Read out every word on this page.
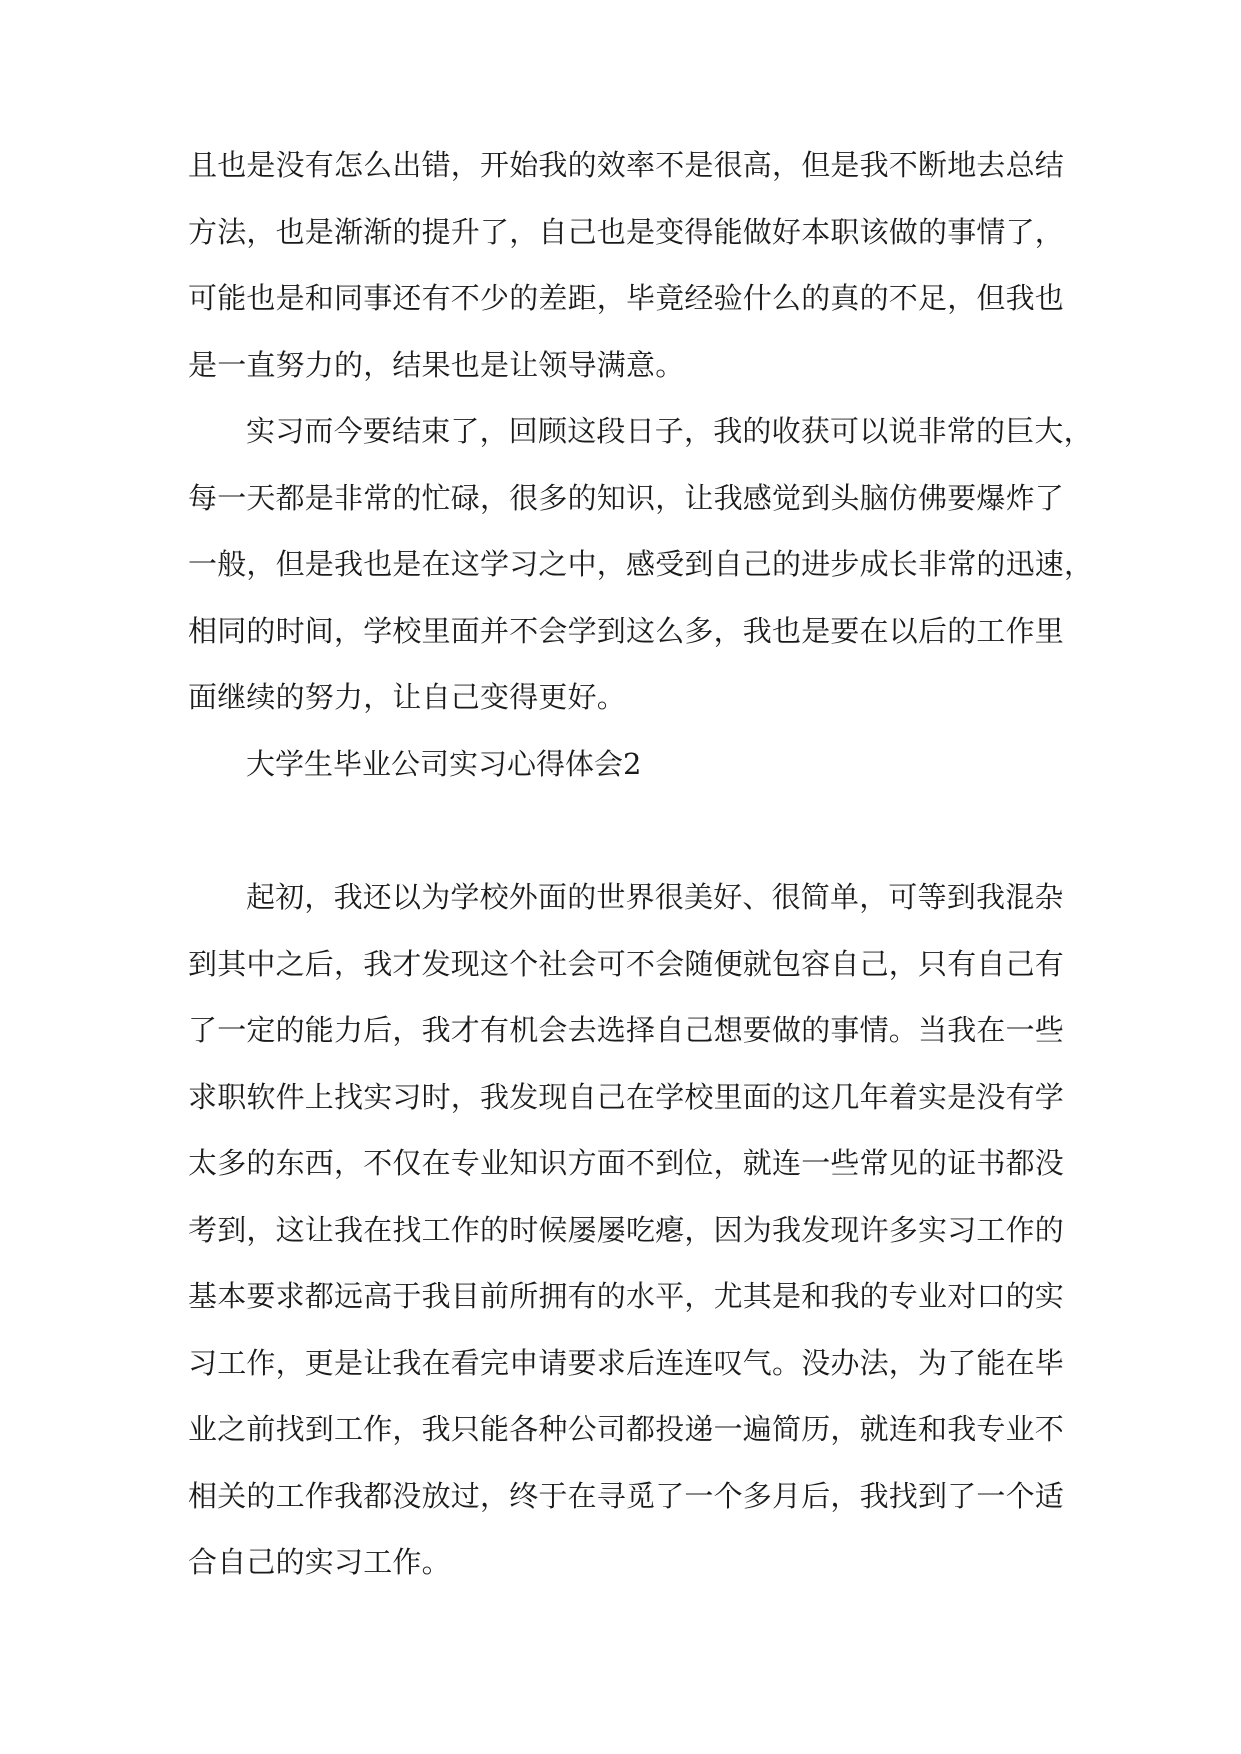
且也是没有怎么出错，开始我的效率不是很高，但是我不断地去总结
方法，也是渐渐的提升了，自己也是变得能做好本职该做的事情了，
可能也是和同事还有不少的差距，毕竟经验什么的真的不足，但我也
是一直努力的，结果也是让领导满意。
实习而今要结束了，回顾这段日子，我的收获可以说非常的巨大，
每一天都是非常的忙碌，很多的知识，让我感觉到头脑仿佛要爆炸了
一般，但是我也是在这学习之中，感受到自己的进步成长非常的迅速，
相同的时间，学校里面并不会学到这么多，我也是要在以后的工作里
面继续的努力，让自己变得更好。

大学生毕业公司实习心得体会2

起初，我还以为学校外面的世界很美好、很简单，可等到我混杂
到其中之后，我才发现这个社会可不会随便就包容自己，只有自己有
了一定的能力后，我才有机会去选择自己想要做的事情。当我在一些
求职软件上找实习时，我发现自己在学校里面的这几年着实是没有学
太多的东西，不仅在专业知识方面不到位，就连一些常见的证书都没
考到，这让我在找工作的时候屡屡吃瘪，因为我发现许多实习工作的
基本要求都远高于我目前所拥有的水平，尤其是和我的专业对口的实
习工作，更是让我在看完申请要求后连连叹气。没办法，为了能在毕
业之前找到工作，我只能各种公司都投递一遍简历，就连和我专业不
相关的工作我都没放过，终于在寻觅了一个多月后，我找到了一个适
合自己的实习工作。
